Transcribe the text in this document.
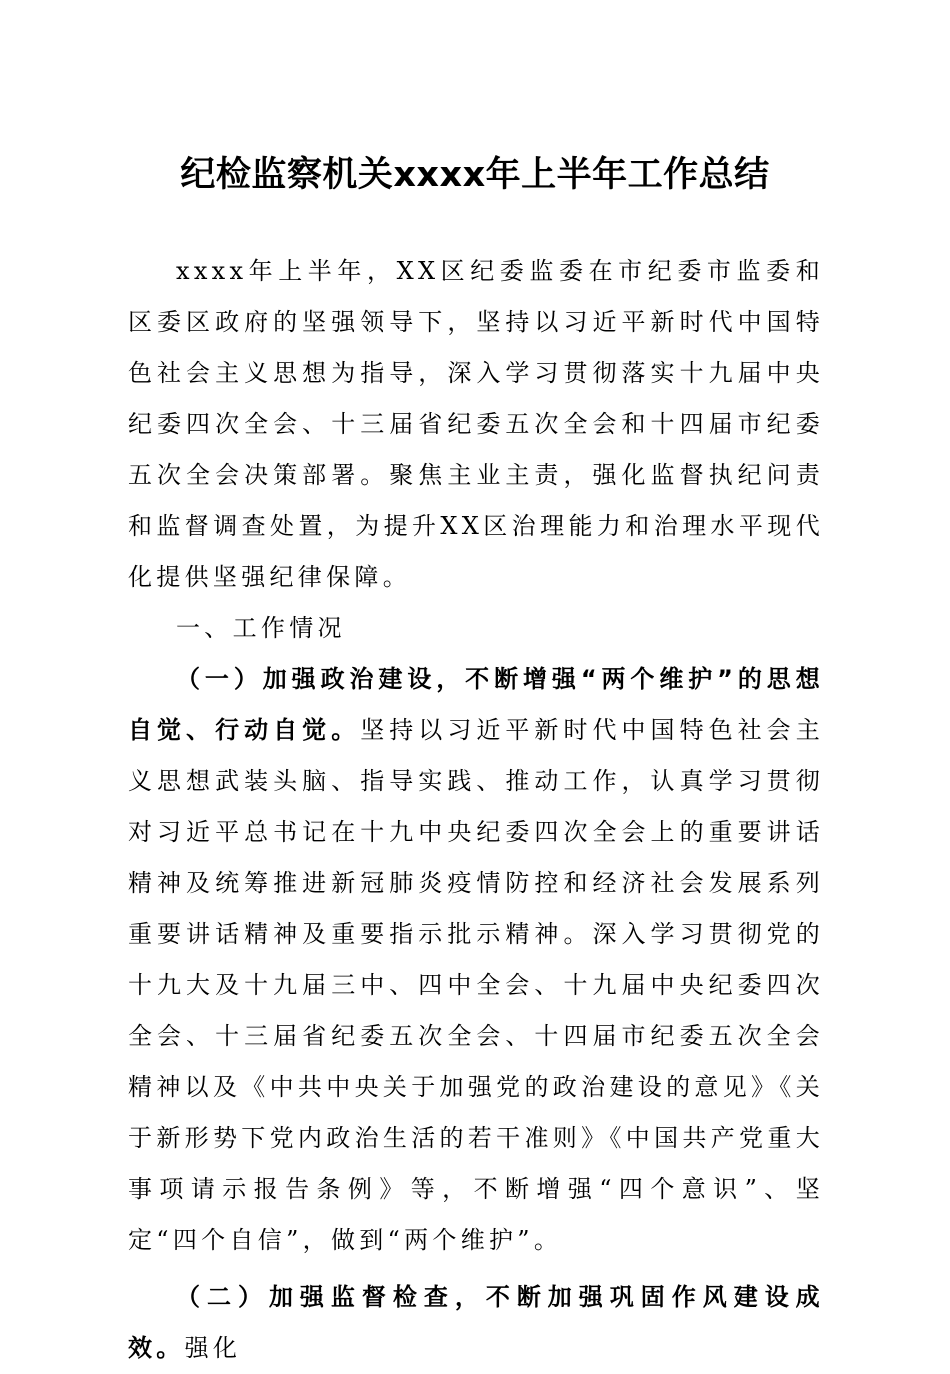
纪检监察机关xxxx年上半年工作总结

xxxx年上半年，XX区纪委监委在市纪委市监委和区委区政府的坚强领导下，坚持以习近平新时代中国特色社会主义思想为指导，深入学习贯彻落实十九届中央纪委四次全会、十三届省纪委五次全会和十四届市纪委五次全会决策部署。聚焦主业主责，强化监督执纪问责和监督调查处置，为提升XX区治理能力和治理水平现代化提供坚强纪律保障。

一、工作情况

（一）加强政治建设，不断增强“两个维护”的思想自觉、行动自觉。坚持以习近平新时代中国特色社会主义思想武装头脑、指导实践、推动工作，认真学习贯彻对习近平总书记在十九中央纪委四次全会上的重要讲话精神及统筹推进新冠肺炎疫情防控和经济社会发展系列重要讲话精神及重要指示批示精神。深入学习贯彻党的十九大及十九届三中、四中全会、十九届中央纪委四次全会、十三届省纪委五次全会、十四届市纪委五次全会精神以及《中共中央关于加强党的政治建设的意见》《关于新形势下党内政治生活的若干准则》《中国共产党重大事项请示报告条例》等，不断增强“四个意识”、坚定“四个自信”，做到“两个维护”。

（二）加强监督检查，不断加强巩固作风建设成效。强化
